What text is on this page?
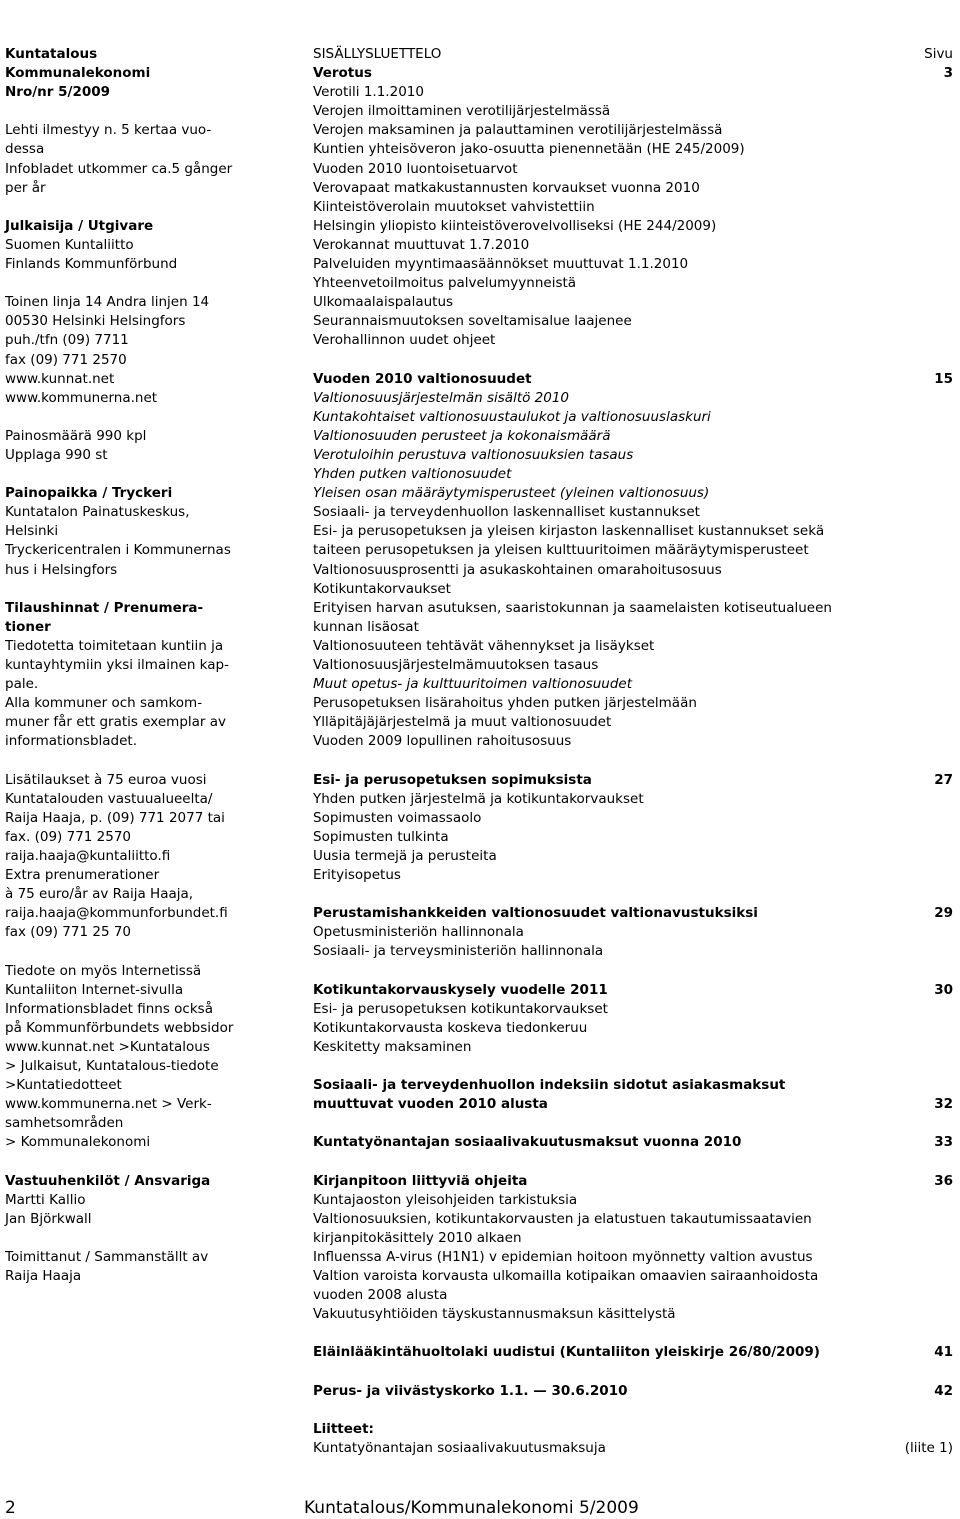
Kuntatalous
Kommunalekonomi
Nro/nr 5/2009
Lehti ilmestyy n. 5 kertaa vuo-
dessa
Infobladet utkommer ca.5 gånger
per år
Julkaisija / Utgivare
Suomen Kuntaliitto
Finlands Kommunförbund
Toinen linja 14 Andra linjen 14
00530 Helsinki Helsingfors
puh./tfn (09) 7711
fax (09) 771 2570
www.kunnat.net
www.kommunerna.net
Painosmäärä 990 kpl
Upplaga 990 st
Painopaikka / Tryckeri
Kuntatalon Painatuskeskus,
Helsinki
Tryckericentralen i Kommunernas
hus i Helsingfors
Tilaushinnat / Prenumera-
tioner
Tiedotetta toimitetaan kuntiin ja
kuntayhtymiin yksi ilmainen kap-
pale.
Alla kommuner och samkom-
muner får ett gratis exemplar av
informationsbladet.
Lisätilaukset à 75 euroa vuosi
Kuntatalouden vastuualueelta/
Raija Haaja, p. (09) 771 2077 tai
fax. (09) 771 2570
raija.haaja@kuntaliitto.fi
Extra prenumerationer
à 75 euro/år av Raija Haaja,
raija.haaja@kommunforbundet.fi
fax (09) 771 25 70
Tiedote on myös Internetissä
Kuntaliiton Internet-sivulla
Informationsbladet finns också
på Kommunförbundets webbsidor
www.kunnat.net >Kuntatalous
> Julkaisut, Kuntatalous-tiedote
>Kuntatiedotteet
www.kommunerna.net > Verk-
samhetsområden
> Kommunalekonomi
Vastuuhenkilöt / Ansvariga
Martti Kallio
Jan Björkwall
Toimittanut / Sammanställt av
Raija Haaja
SISÄLLYSLUETTELO	Sivu
Verotus	3
Verotili 1.1.2010
Verojen ilmoittaminen verotilijärjestelmässä
Verojen maksaminen ja palauttaminen verotilijärjestelmässä
Kuntien yhteisöveron jako-osuutta pienennetään (HE 245/2009)
Vuoden 2010 luontoisetuarvot
Verovapaat matkakustannusten korvaukset vuonna 2010
Kiinteistöverolain muutokset vahvistettiin
Helsingin yliopisto kiinteistöverovelvolliseksi (HE 244/2009)
Verokannat muuttuvat 1.7.2010
Palveluiden myyntimaasäännökset muuttuvat 1.1.2010
Yhteenvetoilmoitus palvelumyynneistä
Ulkomaalaispalautus
Seurannaismuutoksen soveltamisalue laajenee
Verohallinnon uudet ohjeet
Vuoden 2010 valtionosuudet	15
Valtionosuusjärjestelmän sisältö 2010
Kuntakohtaiset valtionosuustaulukot ja valtionosuuslaskuri
Valtionosuuden perusteet ja kokonaismäärä
Verotuloihin perustuva valtionosuuksien tasaus
Yhden putken valtionosuudet
Yleisen osan määräytymisperusteet (yleinen valtionosuus)
Sosiaali- ja terveydenhuollon laskennalliset kustannukset
Esi- ja perusopetuksen ja yleisen kirjaston laskennalliset kustannukset sekä
taiteen perusopetuksen ja yleisen kulttuuritoimen määräytymisperusteet
Valtionosuusprosentti ja asukaskohtainen omarahoitusosuus
Kotikuntakorvaukset
Erityisen harvan asutuksen, saaristokunnan ja saamelaisten kotiseutualueen
kunnan lisäosat
Valtionosuuteen tehtävät vähennykset ja lisäykset
Valtionosuusjärjestelmämuutoksen tasaus
Muut opetus- ja kulttuuritoimen valtionosuudet
Perusopetuksen lisärahoitus yhden putken järjestelmään
Ylläpitäjäjärjestelmä ja muut valtionosuudet
Vuoden 2009 lopullinen rahoitusosuus
Esi- ja perusopetuksen sopimuksista	27
Yhden putken järjestelmä ja kotikuntakorvaukset
Sopimusten voimassaolo
Sopimusten tulkinta
Uusia termejä ja perusteita
Erityisopetus
Perustamishankkeiden valtionosuudet valtionavustuksiksi	29
Opetusministeriön hallinnonala
Sosiaali- ja terveysministeriön hallinnonala
Kotikuntakorvauskysely vuodelle 2011	30
Esi- ja perusopetuksen kotikuntakorvaukset
Kotikuntakorvausta koskeva tiedonkeruu
Keskitetty maksaminen
Sosiaali- ja terveydenhuollon indeksiin sidotut asiakasmaksut
muuttuvat vuoden 2010 alusta	32
Kuntatyönantajan sosiaalivakuutusmaksut vuonna 2010	33
Kirjanpitoon liittyviä ohjeita	36
Kuntajaoston yleisohjeiden tarkistuksia
Valtionosuuksien, kotikuntakorvausten ja elatustuen takautumissaatavien
kirjanpitokäsittely 2010 alkaen
Influenssa A-virus (H1N1) v epidemian hoitoon myönnetty valtion avustus
Valtion varoista korvausta ulkomailla kotipaikan omaavien sairaanhoidosta
vuoden 2008 alusta
Vakuutusyhtiöiden täyskustannusmaksun käsittelystä
Eläinlääkintähuoltolaki uudistui (Kuntaliiton yleiskirje 26/80/2009)	41
Perus- ja viivästyskorko 1.1. — 30.6.2010	42
Liitteet:
Kuntatyönantajan sosiaalivakuutusmaksuja	(liite 1)
2	Kuntatalous/Kommunalekonomi 5/2009
